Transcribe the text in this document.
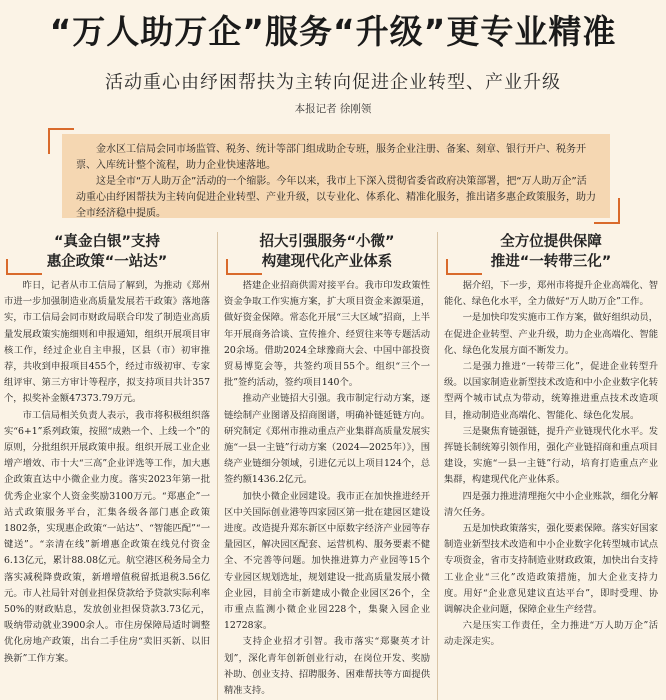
“万人助万企”服务“升级”更专业精准
活动重心由纾困帮扶为主转向促进企业转型、产业升级
本报记者 徐刚领

金水区工信局会同市场监管、税务、统计等部门组成助企专班，服务企业注册、备案、刻章、银行开户、税务开票、入库统计整个流程，助力企业快速落地。

这是全市“万人助万企”活动的一个缩影。今年以来，我市上下深入贯彻省委省政府决策部署，把“万人助万企”活动重心由纾困帮扶为主转向促进企业转型、产业升级，以专业化、体系化、精准化服务，推出诸多惠企政策服务，助力全市经济稳中提质。

“真金白银”支持
惠企政策“一站达”

昨日，记者从市工信局了解到，为推动《郑州市进一步加强制造业高质量发展若干政策》落地落实，市工信局会同市财政局联合印发了制造业高质量发展政策实施细则和申报通知，组织开展项目审核工作，经过企业自主申报，区县（市）初审推荐，共收到申报项目455个，经过市级初审、专家组评审、第三方审计等程序，拟支持项目共计357个，拟奖补金额47373.79万元。

市工信局相关负责人表示，我市将积极组织落实“6+1”系列政策，按照“成熟一个、上线一个”的原则，分批组织开展政策申报。组织开展工业企业增产增效、市十大“三高”企业评选等工作，加大惠企政策直达中小微企业力度。落实2023年第一批优秀企业家个人资金奖励3100万元。“郑惠企”一站式政策服务平台，汇集各级各部门惠企政策1802条，实现惠企政策“一站达”、“智能匹配”“一键送”。“亲清在线”新增惠企政策在线兑付资金6.13亿元，累计88.08亿元。航空港区税务局全力落实减税降费政策，新增增值税留抵退税3.56亿元。市人社局针对创业担保贷款给予贷款实际利率50%的财政贴息，发放创业担保贷款3.73亿元，吸纳带动就业3900余人。市住房保障局适时调整优化房地产政策，出台二手住房“卖旧买新、以旧换新”工作方案。

招大引强服务“小微”
构建现代化产业体系

搭建企业招商供需对接平台。我市印发政策性资金争取工作实施方案，扩大项目资金来源渠道，做好资金保障。常态化开展“三大区域”招商，上半年开展商务洽谈、宣传推介、经贸往来等专题活动20余场。借助2024全球豫商大会、中国中部投资贸易博览会等，共签约项目55个。组织“三个一批”签约活动，签约项目140个。

推动产业链招大引强。我市制定行动方案，逐链绘制产业图谱及招商图谱，明确补链延链方向。研究制定《郑州市推动重点产业集群高质量发展实施“一县一主链”行动方案（2024—2025年）》，围绕产业链细分领域，引进亿元以上项目124个，总签约额1436.2亿元。

加快小微企业园建设。我市正在加快推进经开区中关国际创业港等四家园区第一批在建园区建设进度。改造提升郑东新区中原数字经济产业园等存量园区，解决园区配套、运营机构、服务要素不健全、不完善等问题。加快推进算力产业园等15个专业园区规划选址，规划建设一批高质量发展小微企业园，目前全市新建成小微企业园区26个，全市重点监测小微企业园228个，集聚入园企业12728家。

支持企业招才引智。我市落实“郑聚英才计划”，深化青年创新创业行动，在岗位开发、奖励补助、创业支持、招聘服务、困难帮扶等方面提供精准支持。

全方位提供保障
推进“一转带三化”

据介绍，下一步，郑州市将提升企业高端化、智能化、绿色化水平，全力做好“万人助万企”工作。

一是加快印发实施市工作方案，做好组织动员，在促进企业转型、产业升级，助力企业高端化、智能化、绿色化发展方面不断发力。

二是强力推进“一转带三化”，促进企业转型升级。以国家制造业新型技术改造和中小企业数字化转型两个城市试点为带动，统筹推进重点技术改造项目，推动制造业高端化、智能化、绿色化发展。

三是聚焦育链强链，提升产业链现代化水平。发挥链长制统筹引领作用，强化产业链招商和重点项目建设，实施“一县一主链”行动，培育打造重点产业集群，构建现代化产业体系。

四是强力推进清理拖欠中小企业账款，细化分解清欠任务。

五是加快政策落实，强化要素保障。落实好国家制造业新型技术改造和中小企业数字化转型城市试点专项资金，省市支持制造业财政政策，加快出台支持工业企业“三化”改造政策措施，加大企业支持力度。用好“企业意见建议直达平台”，即时受理、协调解决企业问题，保障企业生产经营。

六是压实工作责任，全力推进“万人助万企”活动走深走实。
